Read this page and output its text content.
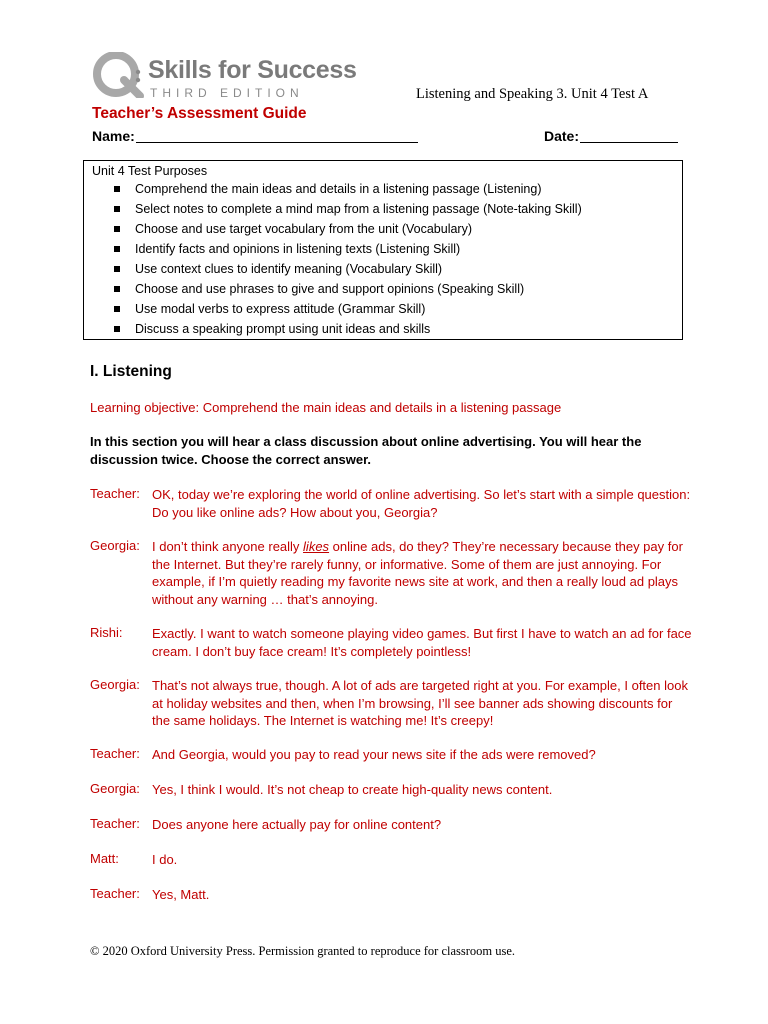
Skills for Success
THIRD EDITION	Listening and Speaking 3. Unit 4 Test A
Teacher’s Assessment Guide
Name:	Date:
Unit 4 Test Purposes
Comprehend the main ideas and details in a listening passage (Listening)
Select notes to complete a mind map from a listening passage (Note-taking Skill)
Choose and use target vocabulary from the unit (Vocabulary)
Identify facts and opinions in listening texts (Listening Skill)
Use context clues to identify meaning (Vocabulary Skill)
Choose and use phrases to give and support opinions (Speaking Skill)
Use modal verbs to express attitude (Grammar Skill)
Discuss a speaking prompt using unit ideas and skills
I. Listening
Learning objective: Comprehend the main ideas and details in a listening passage
In this section you will hear a class discussion about online advertising. You will hear the discussion twice. Choose the correct answer.
Teacher: OK, today we’re exploring the world of online advertising. So let’s start with a simple question: Do you like online ads? How about you, Georgia?
Georgia: I don’t think anyone really likes online ads, do they? They’re necessary because they pay for the Internet. But they’re rarely funny, or informative. Some of them are just annoying. For example, if I’m quietly reading my favorite news site at work, and then a really loud ad plays without any warning … that’s annoying.
Rishi: Exactly. I want to watch someone playing video games. But first I have to watch an ad for face cream. I don’t buy face cream! It’s completely pointless!
Georgia: That’s not always true, though. A lot of ads are targeted right at you. For example, I often look at holiday websites and then, when I’m browsing, I’ll see banner ads showing discounts for the same holidays. The Internet is watching me! It’s creepy!
Teacher: And Georgia, would you pay to read your news site if the ads were removed?
Georgia: Yes, I think I would. It’s not cheap to create high-quality news content.
Teacher: Does anyone here actually pay for online content?
Matt:	I do.
Teacher: Yes, Matt.
© 2020 Oxford University Press. Permission granted to reproduce for classroom use.
